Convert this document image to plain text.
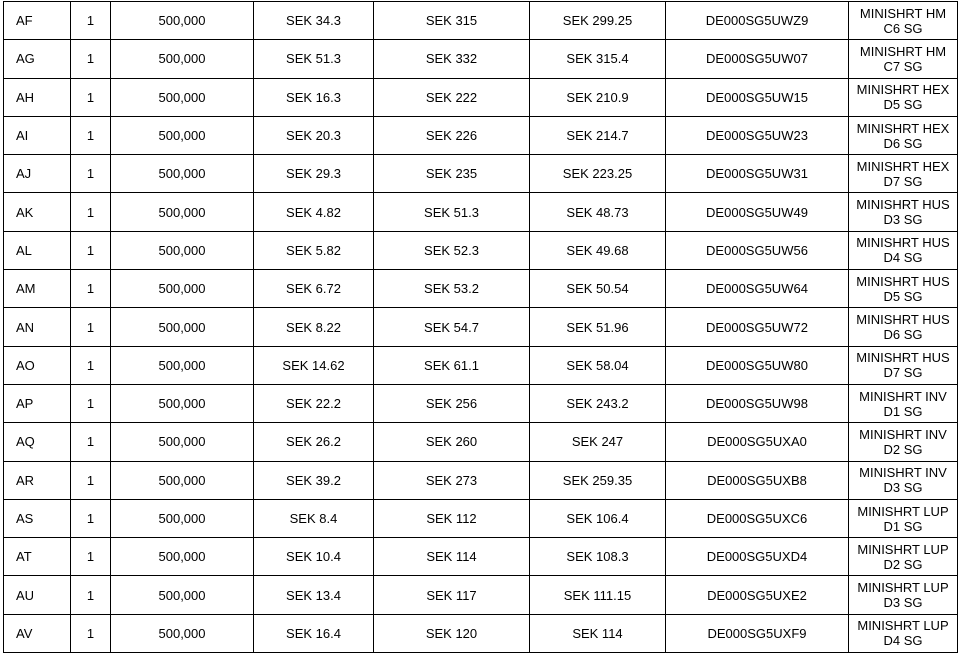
AF	1	500,000	SEK 34.3	SEK 315	SEK 299.25	DE000SG5UWZ9	MINISHRT HM C6 SG
AG	1	500,000	SEK 51.3	SEK 332	SEK 315.4	DE000SG5UW07	MINISHRT HM C7 SG
AH	1	500,000	SEK 16.3	SEK 222	SEK 210.9	DE000SG5UW15	MINISHRT HEX D5 SG
AI	1	500,000	SEK 20.3	SEK 226	SEK 214.7	DE000SG5UW23	MINISHRT HEX D6 SG
AJ	1	500,000	SEK 29.3	SEK 235	SEK 223.25	DE000SG5UW31	MINISHRT HEX D7 SG
AK	1	500,000	SEK 4.82	SEK 51.3	SEK 48.73	DE000SG5UW49	MINISHRT HUS D3 SG
AL	1	500,000	SEK 5.82	SEK 52.3	SEK 49.68	DE000SG5UW56	MINISHRT HUS D4 SG
AM	1	500,000	SEK 6.72	SEK 53.2	SEK 50.54	DE000SG5UW64	MINISHRT HUS D5 SG
AN	1	500,000	SEK 8.22	SEK 54.7	SEK 51.96	DE000SG5UW72	MINISHRT HUS D6 SG
AO	1	500,000	SEK 14.62	SEK 61.1	SEK 58.04	DE000SG5UW80	MINISHRT HUS D7 SG
AP	1	500,000	SEK 22.2	SEK 256	SEK 243.2	DE000SG5UW98	MINISHRT INV D1 SG
AQ	1	500,000	SEK 26.2	SEK 260	SEK 247	DE000SG5UXA0	MINISHRT INV D2 SG
AR	1	500,000	SEK 39.2	SEK 273	SEK 259.35	DE000SG5UXB8	MINISHRT INV D3 SG
AS	1	500,000	SEK 8.4	SEK 112	SEK 106.4	DE000SG5UXC6	MINISHRT LUP D1 SG
AT	1	500,000	SEK 10.4	SEK 114	SEK 108.3	DE000SG5UXD4	MINISHRT LUP D2 SG
AU	1	500,000	SEK 13.4	SEK 117	SEK 111.15	DE000SG5UXE2	MINISHRT LUP D3 SG
AV	1	500,000	SEK 16.4	SEK 120	SEK 114	DE000SG5UXF9	MINISHRT LUP D4 SG
